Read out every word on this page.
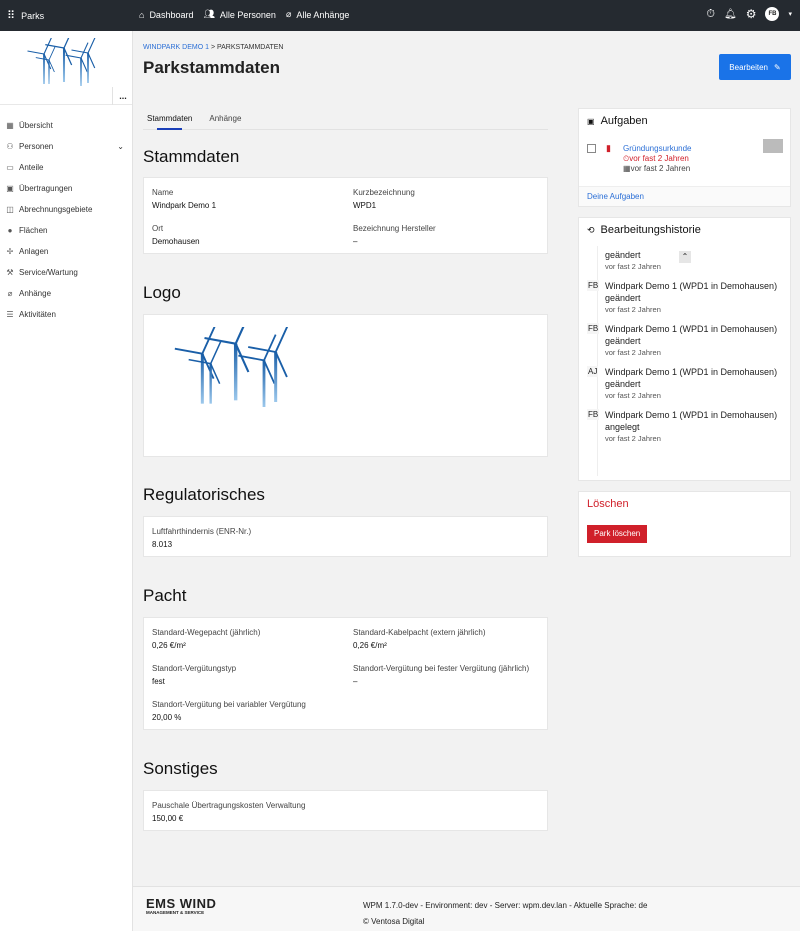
⠿ Parks	⌂ Dashboard 👥︎ Alle Personen ⌀ Alle Anhänge	⏱︎ 🔔︎ ⚙	FB	▾
...
▦ Übersicht
⚇ Personen	⌄
▭ Anteile
▣ Übertragungen
◫ Abrechnungsgebiete
● Flächen
✢ Anlagen
⚒ Service/Wartung
⌀ Anhänge
☰ Aktivitäten
WINDPARK DEMO 1 > PARKSTAMMDATEN
Parkstammdaten	Bearbeiten ✎
Stammdaten	Anhänge
Stammdaten
Name
Windpark Demo 1
Kurzbezeichnung
WPD1
Ort
Demohausen
Bezeichnung Hersteller
–
Logo
Regulatorisches
Luftfahrthindernis (ENR-Nr.)
8.013
Pacht
Standard-Wegepacht (jährlich)
0,26 €/m²
Standard-Kabelpacht (extern jährlich)
0,26 €/m²
Standort-Vergütungstyp
fest
Standort-Vergütung bei fester Vergütung (jährlich)
–
Standort-Vergütung bei variabler Vergütung
20,00 %
Sonstiges
Pauschale Übertragungskosten Verwaltung
150,00 €
▣ Aufgaben
▮ Gründungsurkunde
⏲vor fast 2 Jahren
▦vor fast 2 Jahren
Deine Aufgaben
⟲ Bearbeitungshistorie
⌃
geändert
vor fast 2 Jahren
FB Windpark Demo 1 (WPD1 in Demohausen) geändert
vor fast 2 Jahren
FB Windpark Demo 1 (WPD1 in Demohausen) geändert
vor fast 2 Jahren
AJ Windpark Demo 1 (WPD1 in Demohausen) geändert
vor fast 2 Jahren
FB Windpark Demo 1 (WPD1 in Demohausen) angelegt
vor fast 2 Jahren
Löschen
Park löschen
EMS WIND
MANAGEMENT & SERVICE
WPM 1.7.0-dev - Environment: dev - Server: wpm.dev.lan - Aktuelle Sprache: de
© Ventosa Digital
